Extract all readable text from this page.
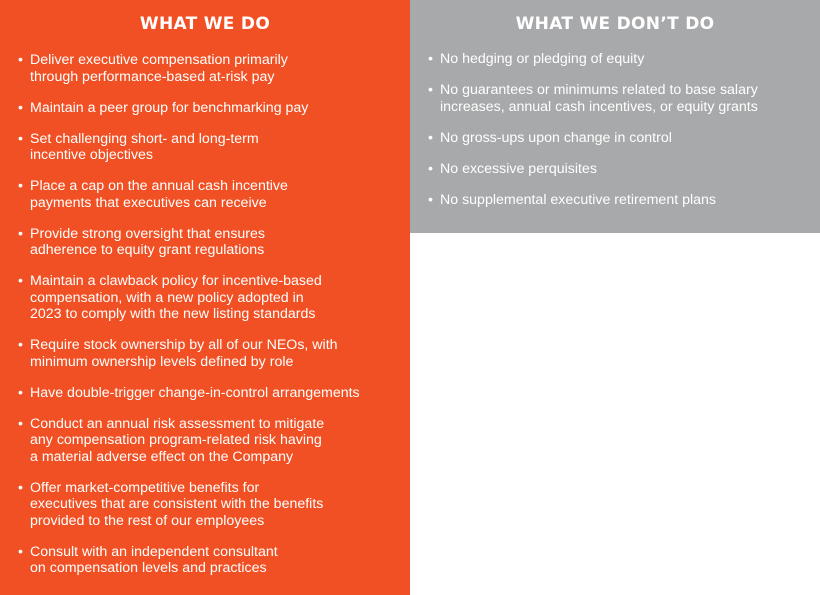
WHAT WE DO
• Deliver executive compensation primarily
through performance-based at-risk pay
• Maintain a peer group for benchmarking pay
• Set challenging short- and long-term
incentive objectives
• Place a cap on the annual cash incentive
payments that executives can receive
• Provide strong oversight that ensures
adherence to equity grant regulations
• Maintain a clawback policy for incentive-based
compensation, with a new policy adopted in
2023 to comply with the new listing standards
• Require stock ownership by all of our NEOs, with
minimum ownership levels defined by role
• Have double-trigger change-in-control arrangements
• Conduct an annual risk assessment to mitigate
any compensation program-related risk having
a material adverse effect on the Company
• Offer market-competitive benefits for
executives that are consistent with the benefits
provided to the rest of our employees
• Consult with an independent consultant
on compensation levels and practices
WHAT WE DON’T DO
• No hedging or pledging of equity
• No guarantees or minimums related to base salary
increases, annual cash incentives, or equity grants
• No gross-ups upon change in control
• No excessive perquisites
• No supplemental executive retirement plans
